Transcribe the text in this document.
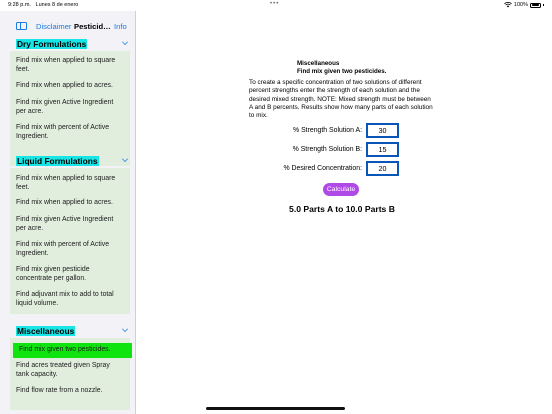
9:28 p.m. Lunes 8 de enero	•••	100%
Disclaimer Pesticid… Info
Dry Formulations
Find mix when applied to square feet.
Find mix when applied to acres.
Find mix given Active Ingredient per acre.
Find mix with percent of Active Ingredient.
Liquid Formulations
Find mix when applied to square feet.
Find mix when applied to acres.
Find mix given Active Ingredient per acre.
Find mix with percent of Active Ingredient.
Find mix given pesticide concentrate per gallon.
Find adjuvant mix to add to total liquid volume.
Miscellaneous
Find mix given two pesticides.
Find acres treated given Spray tank capacity.
Find flow rate from a nozzle.
Miscellaneous
Find mix given two pesticides.
To create a specific concentration of two solutions of different percent strengths enter the strength of each solution and the desired mixed strength. NOTE: Mixed strength must be between A and B percents. Results show how many parts of each solution to mix.
% Strength Solution A:	30
% Strength Solution B:	15
% Desired Concentration:	20
Calculate
5.0 Parts A to 10.0 Parts B
